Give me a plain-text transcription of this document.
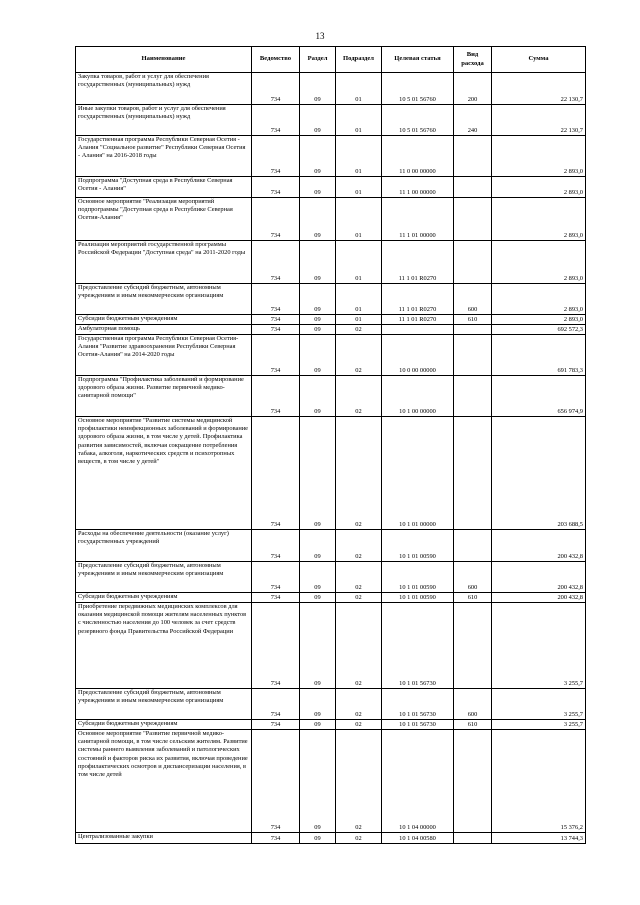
13
Наименование	Ведомство	Раздел	Подраздел	Целевая статья	Вид расхода	Сумма
Закупка товаров, работ и услуг для обеспечения государственных (муниципальных) нужд	734	09	01	10 5 01 56760	200	22 130,7
Иные закупки товаров, работ и услуг для обеспечения государственных (муниципальных) нужд	734	09	01	10 5 01 56760	240	22 130,7
Государственная программа Республики Северная Осетия - Алания "Социальное развитие" Республики Северная Осетия - Алания" на 2016-2018 годы	734	09	01	11 0 00 00000		2 893,0
Подпрограмма "Доступная среда в Республике Северная Осетия - Алания"	734	09	01	11 1 00 00000		2 893,0
Основное мероприятие "Реализация мероприятий подпрограммы "Доступная среда в Республике Северная Осетия-Алания"	734	09	01	11 1 01 00000		2 893,0
Реализация мероприятий государственной программы Российской Федерации "Доступная среда" на 2011-2020 годы	734	09	01	11 1 01 R0270		2 893,0
Предоставление субсидий бюджетным, автономным учреждениям и иным некоммерческим организациям	734	09	01	11 1 01 R0270	600	2 893,0
Субсидии бюджетным учреждениям	734	09	01	11 1 01 R0270	610	2 893,0
Амбулаторная помощь	734	09	02			692 572,3
Государственная программа Республики Северная Осетия-Алания "Развитие здравоохранения Республики Северная Осетия-Алания" на 2014-2020 годы	734	09	02	10 0 00 00000		691 783,3
Подпрограмма "Профилактика заболеваний и формирование здорового образа жизни. Развитие первичной медико-санитарной помощи"	734	09	02	10 1 00 00000		656 974,9
Основное мероприятие "Развитие системы медицинской профилактики неинфекционных заболеваний и формирование здорового образа жизни, в том числе у детей. Профилактика развития зависимостей, включая сокращение потребления табака, алкоголя, наркотических средств и психотропных веществ, в том числе у детей"	734	09	02	10 1 01 00000		203 688,5
Расходы на обеспечение деятельности (оказание услуг) государственных учреждений	734	09	02	10 1 01 00590		200 432,8
Предоставление субсидий бюджетным, автономным учреждениям и иным некоммерческим организациям	734	09	02	10 1 01 00590	600	200 432,8
Субсидии бюджетным учреждениям	734	09	02	10 1 01 00590	610	200 432,8
Приобретение передвижных медицинских комплексов для оказания медицинской помощи жителям населенных пунктов с численностью населения до 100 человек за счет средств резервного фонда Правительства Российской Федерации	734	09	02	10 1 01 56730		3 255,7
Предоставление субсидий бюджетным, автономным учреждениям и иным некоммерческим организациям	734	09	02	10 1 01 56730	600	3 255,7
Субсидии бюджетным учреждениям	734	09	02	10 1 01 56730	610	3 255,7
Основное мероприятие "Развитие первичной медико-санитарной помощи, в том числе сельским жителям. Развитие системы раннего выявления заболеваний и патологических состояний и факторов риска их развития, включая проведение профилактических осмотров и диспансеризации населения, в том числе детей	734	09	02	10 1 04 00000		15 376,2
Централизованные закупки	734	09	02	10 1 04 00580		13 744,3
